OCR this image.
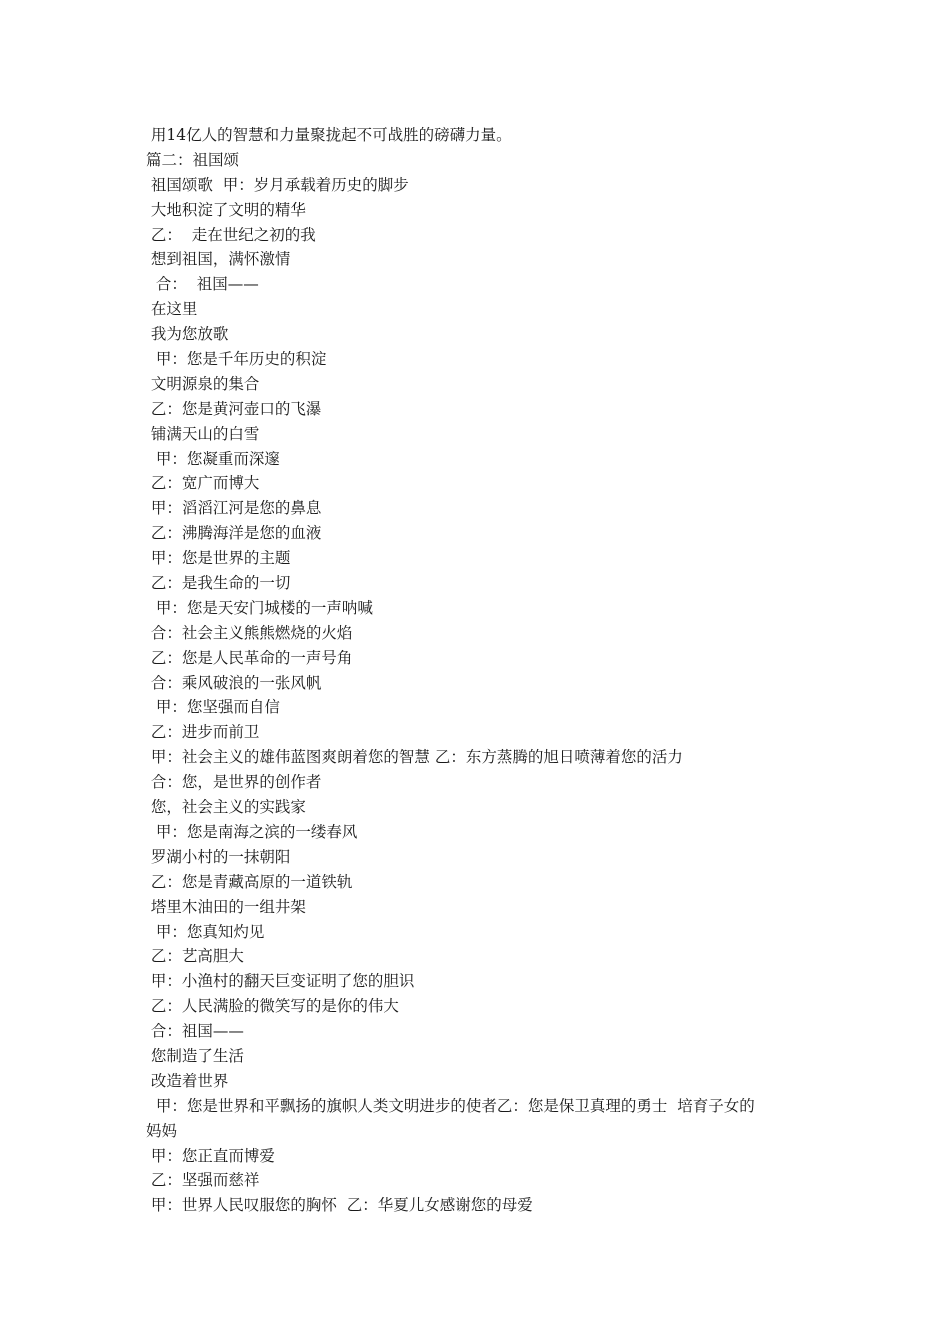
用14亿人的智慧和力量聚拢起不可战胜的磅礴力量。
篇二：祖国颂
祖国颂歌  甲：岁月承载着历史的脚步
大地积淀了文明的精华
乙：  走在世纪之初的我
想到祖国，满怀激情
合：  祖国——
在这里
我为您放歌
甲：您是千年历史的积淀
文明源泉的集合
乙：您是黄河壶口的飞瀑
铺满天山的白雪
甲：您凝重而深邃
乙：宽广而博大
甲：滔滔江河是您的鼻息
乙：沸腾海洋是您的血液
甲：您是世界的主题
乙：是我生命的一切
甲：您是天安门城楼的一声呐喊
合：社会主义熊熊燃烧的火焰
乙：您是人民革命的一声号角
合：乘风破浪的一张风帆
甲：您坚强而自信
乙：进步而前卫
甲：社会主义的雄伟蓝图爽朗着您的智慧 乙：东方蒸腾的旭日喷薄着您的活力
合：您，是世界的创作者
您，社会主义的实践家
甲：您是南海之滨的一缕春风
罗湖小村的一抹朝阳
乙：您是青藏高原的一道铁轨
塔里木油田的一组井架
甲：您真知灼见
乙：艺高胆大
甲：小渔村的翻天巨变证明了您的胆识
乙：人民满脸的微笑写的是你的伟大
合：祖国——
您制造了生活
改造着世界
甲：您是世界和平飘扬的旗帜人类文明进步的使者乙：您是保卫真理的勇士  培育子女的
妈妈
甲：您正直而博爱
乙：坚强而慈祥
甲：世界人民叹服您的胸怀  乙：华夏儿女感谢您的母爱
